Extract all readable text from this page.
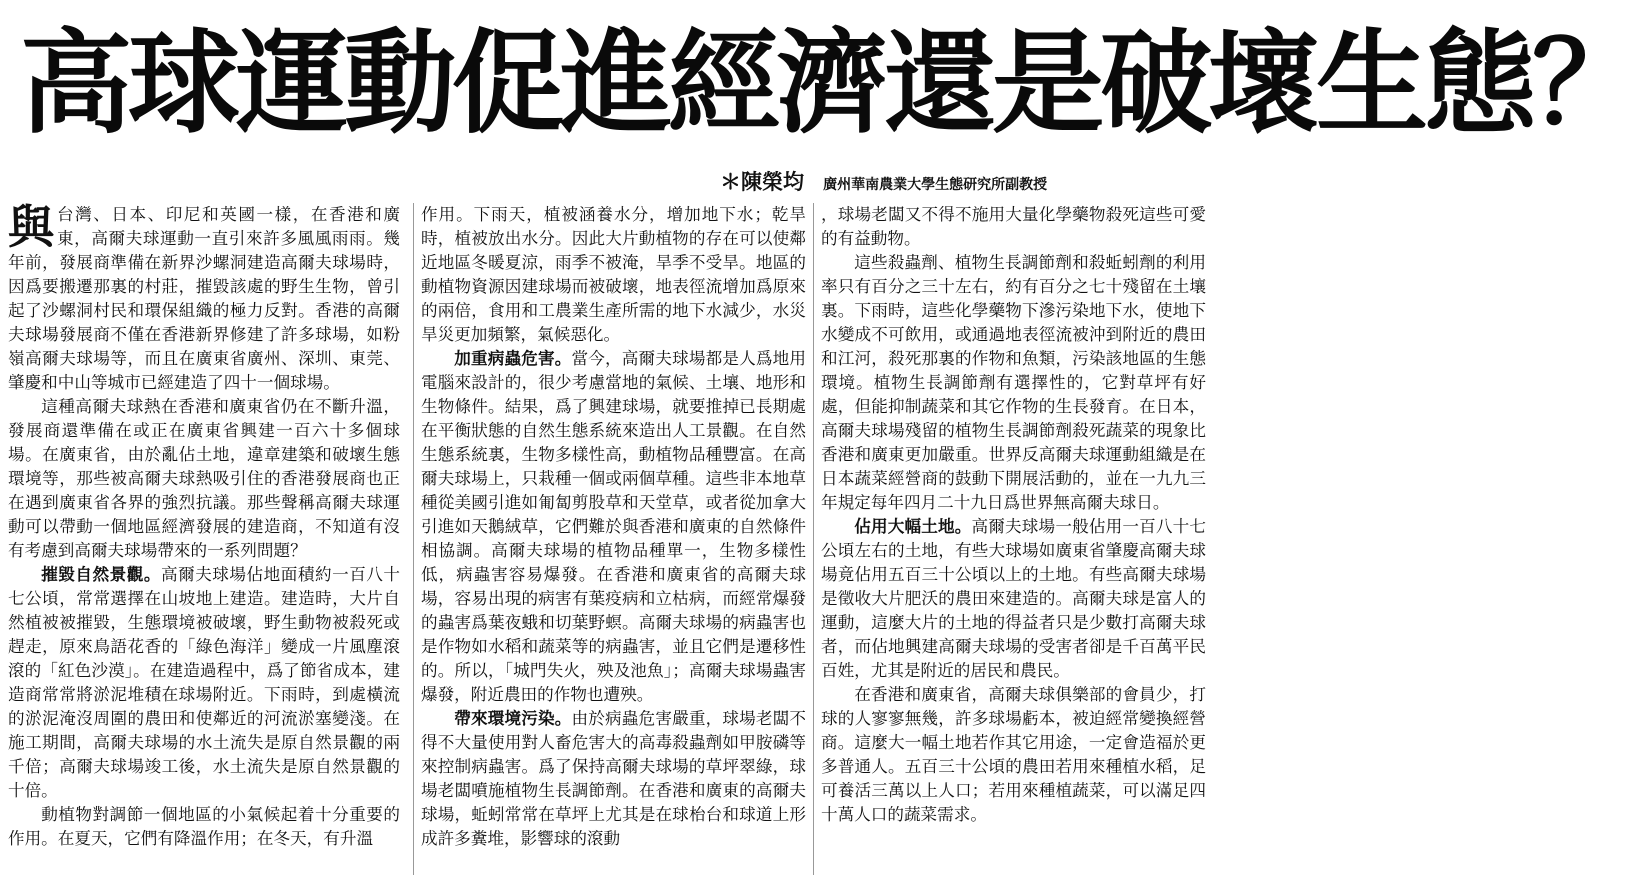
高球運動促進經濟還是破壞生態？
＊陳榮均 廣州華南農業大學生態研究所副教授

與台灣、日本、印尼和英國一樣，在香港和廣東，高爾夫球運動一直引來許多風風雨雨。幾年前，發展商準備在新界沙螺洞建造高爾夫球場時，因爲要搬遷那裏的村莊，摧毀該處的野生生物，曾引起了沙螺洞村民和環保組織的極力反對。香港的高爾夫球場發展商不僅在香港新界修建了許多球場，如粉嶺高爾夫球場等，而且在廣東省廣州、深圳、東莞、肇慶和中山等城市已經建造了四十一個球場。

這種高爾夫球熱在香港和廣東省仍在不斷升溫，發展商還準備在或正在廣東省興建一百六十多個球場。在廣東省，由於亂佔土地，違章建築和破壞生態環境等，那些被高爾夫球熱吸引住的香港發展商也正在遇到廣東省各界的強烈抗議。那些聲稱高爾夫球運動可以帶動一個地區經濟發展的建造商，不知道有沒有考慮到高爾夫球場帶來的一系列問題？

摧毀自然景觀。高爾夫球場佔地面積約一百八十七公頃，常常選擇在山坡地上建造。建造時，大片自然植被被摧毀，生態環境被破壞，野生動物被殺死或趕走，原來鳥語花香的「綠色海洋」變成一片風塵滾滾的「紅色沙漠」。在建造過程中，爲了節省成本，建造商常常將淤泥堆積在球場附近。下雨時，到處橫流的淤泥淹沒周圍的農田和使鄰近的河流淤塞變淺。在施工期間，高爾夫球場的水土流失是原自然景觀的兩千倍；高爾夫球場竣工後，水土流失是原自然景觀的十倍。

動植物對調節一個地區的小氣候起着十分重要的作用。在夏天，它們有降溫作用；在冬天，有升溫

作用。下雨天，植被涵養水分，增加地下水；乾旱時，植被放出水分。因此大片動植物的存在可以使鄰近地區冬暖夏涼，雨季不被淹，旱季不受旱。地區的動植物資源因建球場而被破壞，地表徑流增加爲原來的兩倍，食用和工農業生產所需的地下水減少，水災旱災更加頻繁，氣候惡化。

加重病蟲危害。當今，高爾夫球場都是人爲地用電腦來設計的，很少考慮當地的氣候、土壤、地形和生物條件。結果，爲了興建球場，就要推掉已長期處在平衡狀態的自然生態系統來造出人工景觀。在自然生態系統裏，生物多樣性高，動植物品種豐富。在高爾夫球場上，只栽種一個或兩個草種。這些非本地草種從美國引進如匍匐剪股草和天堂草，或者從加拿大引進如天鵝絨草，它們難於與香港和廣東的自然條件相協調。高爾夫球場的植物品種單一，生物多樣性低，病蟲害容易爆發。在香港和廣東省的高爾夫球場，容易出現的病害有葉疫病和立枯病，而經常爆發的蟲害爲葉夜蛾和切葉野螟。高爾夫球場的病蟲害也是作物如水稻和蔬菜等的病蟲害，並且它們是遷移性的。所以，「城門失火，殃及池魚」；高爾夫球場蟲害爆發，附近農田的作物也遭殃。

帶來環境污染。由於病蟲危害嚴重，球場老闆不得不大量使用對人畜危害大的高毒殺蟲劑如甲胺磷等來控制病蟲害。爲了保持高爾夫球場的草坪翠綠，球場老闆噴施植物生長調節劑。在香港和廣東的高爾夫球場，蚯蚓常常在草坪上尤其是在球枱台和球道上形成許多糞堆，影響球的滾動

，球場老闆又不得不施用大量化學藥物殺死這些可愛的有益動物。

這些殺蟲劑、植物生長調節劑和殺蚯蚓劑的利用率只有百分之三十左右，約有百分之七十殘留在土壤裏。下雨時，這些化學藥物下滲污染地下水，使地下水變成不可飲用，或通過地表徑流被沖到附近的農田和江河，殺死那裏的作物和魚類，污染該地區的生態環境。植物生長調節劑有選擇性的，它對草坪有好處，但能抑制蔬菜和其它作物的生長發育。在日本，高爾夫球場殘留的植物生長調節劑殺死蔬菜的現象比香港和廣東更加嚴重。世界反高爾夫球運動組織是在日本蔬菜經營商的鼓動下開展活動的，並在一九九三年規定每年四月二十九日爲世界無高爾夫球日。

佔用大幅土地。高爾夫球場一般佔用一百八十七公頃左右的土地，有些大球場如廣東省肇慶高爾夫球場竟佔用五百三十公頃以上的土地。有些高爾夫球場是徵收大片肥沃的農田來建造的。高爾夫球是富人的運動，這麼大片的土地的得益者只是少數打高爾夫球者，而佔地興建高爾夫球場的受害者卻是千百萬平民百姓，尤其是附近的居民和農民。

在香港和廣東省，高爾夫球俱樂部的會員少，打球的人寥寥無幾，許多球場虧本，被迫經常變換經營商。這麼大一幅土地若作其它用途，一定會造福於更多普通人。五百三十公頃的農田若用來種植水稻，足可養活三萬以上人口；若用來種植蔬菜，可以滿足四十萬人口的蔬菜需求。
